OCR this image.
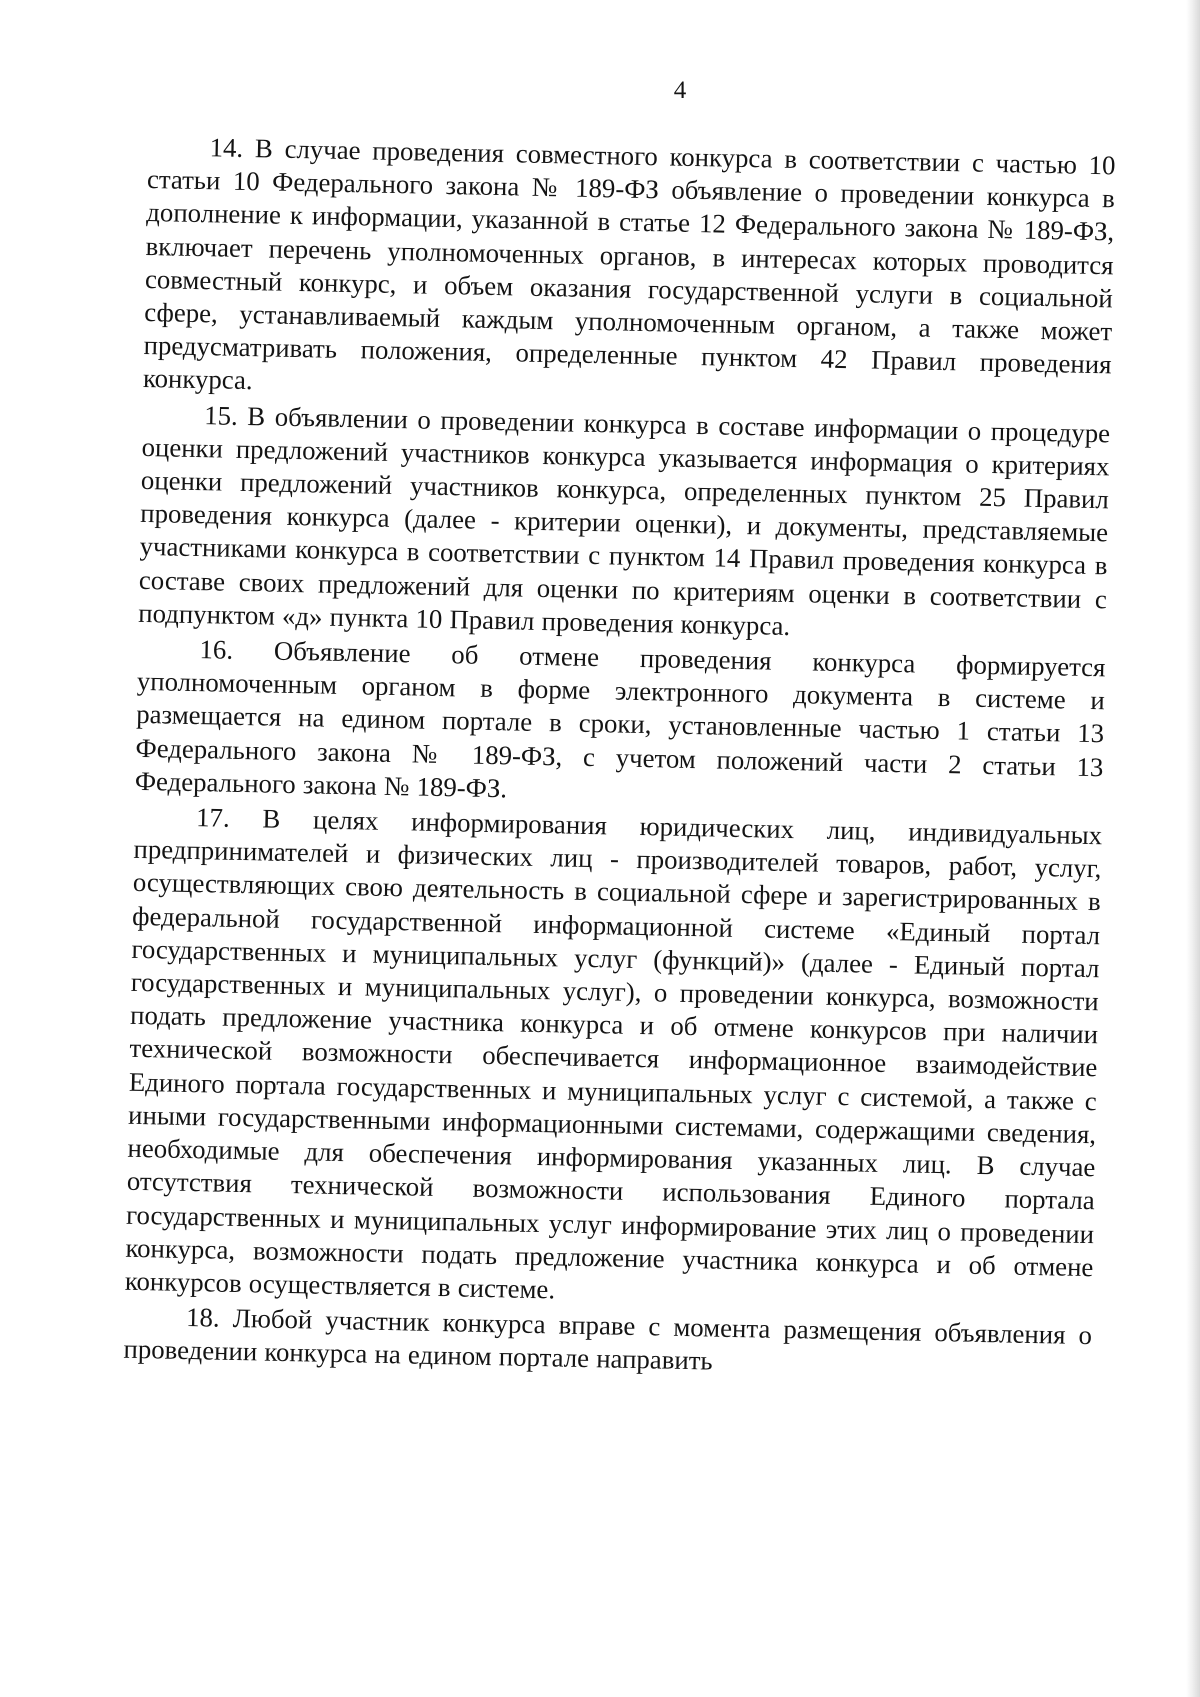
4

14. В случае проведения совместного конкурса в соответствии с частью 10 статьи 10 Федерального закона № 189-ФЗ объявление о проведении конкурса в дополнение к информации, указанной в статье 12 Федерального закона № 189-ФЗ, включает перечень уполномоченных органов, в интересах которых проводится совместный конкурс, и объем оказания государственной услуги в социальной сфере, устанавливаемый каждым уполномоченным органом, а также может предусматривать положения, определенные пунктом 42 Правил проведения конкурса.

15. В объявлении о проведении конкурса в составе информации о процедуре оценки предложений участников конкурса указывается информация о критериях оценки предложений участников конкурса, определенных пунктом 25 Правил проведения конкурса (далее - критерии оценки), и документы, представляемые участниками конкурса в соответствии с пунктом 14 Правил проведения конкурса в составе своих предложений для оценки по критериям оценки в соответствии с подпунктом «д» пункта 10 Правил проведения конкурса.

16. Объявление об отмене проведения конкурса формируется уполномоченным органом в форме электронного документа в системе и размещается на едином портале в сроки, установленные частью 1 статьи 13 Федерального закона № 189-ФЗ, с учетом положений части 2 статьи 13 Федерального закона № 189-ФЗ.

17. В целях информирования юридических лиц, индивидуальных предпринимателей и физических лиц - производителей товаров, работ, услуг, осуществляющих свою деятельность в социальной сфере и зарегистрированных в федеральной государственной информационной системе «Единый портал государственных и муниципальных услуг (функций)» (далее - Единый портал государственных и муниципальных услуг), о проведении конкурса, возможности подать предложение участника конкурса и об отмене конкурсов при наличии технической возможности обеспечивается информационное взаимодействие Единого портала государственных и муниципальных услуг с системой, а также с иными государственными информационными системами, содержащими сведения, необходимые для обеспечения информирования указанных лиц. В случае отсутствия технической возможности использования Единого портала государственных и муниципальных услуг информирование этих лиц о проведении конкурса, возможности подать предложение участника конкурса и об отмене конкурсов осуществляется в системе.

18. Любой участник конкурса вправе с момента размещения объявления о проведении конкурса на едином портале направить
